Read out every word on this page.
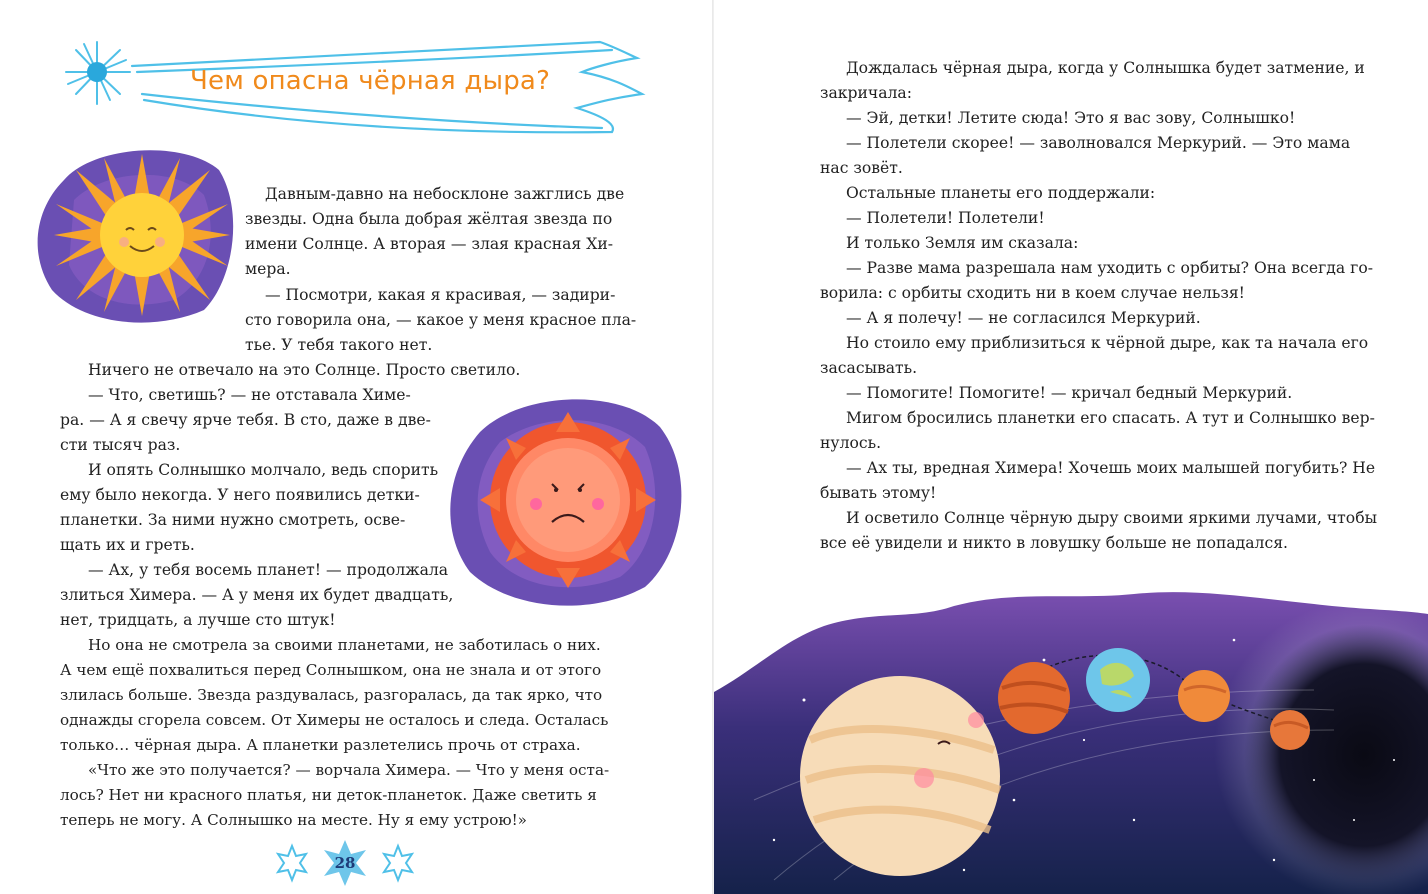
Чем опасна чёрная дыра?
Давным-давно на небосклоне зажглись две
звезды. Одна была добрая жёлтая звезда по
имени Солнце. А вторая — злая красная Хи-
мера.
— Посмотри, какая я красивая, — задири-
сто говорила она, — какое у меня красное пла-
тье. У тебя такого нет.
Ничего не отвечало на это Солнце. Просто светило.
— Что, светишь? — не отставала Химе-
ра. — А я свечу ярче тебя. В сто, даже в две-
сти тысяч раз.
И опять Солнышко молчало, ведь спорить
ему было некогда. У него появились детки-
планетки. За ними нужно смотреть, осве-
щать их и греть.
— Ах, у тебя восемь планет! — продолжала
злиться Химера. — А у меня их будет двадцать,
нет, тридцать, а лучше сто штук!
Но она не смотрела за своими планетами, не заботилась о них.
А чем ещё похвалиться перед Солнышком, она не знала и от этого
злилась больше. Звезда раздувалась, разгоралась, да так ярко, что
однажды сгорела совсем. От Химеры не осталось и следа. Осталась
только… чёрная дыра. А планетки разлетелись прочь от страха.
«Что же это получается? — ворчала Химера. — Что у меня оста-
лось? Нет ни красного платья, ни деток-планеток. Даже светить я
теперь не могу. А Солнышко на месте. Ну я ему устрою!»
28
Дождалась чёрная дыра, когда у Солнышка будет затмение, и
закричала:
— Эй, детки! Летите сюда! Это я вас зову, Солнышко!
— Полетели скорее! — заволновался Меркурий. — Это мама
нас зовёт.
Остальные планеты его поддержали:
— Полетели! Полетели!
И только Земля им сказала:
— Разве мама разрешала нам уходить с орбиты? Она всегда го-
ворила: с орбиты сходить ни в коем случае нельзя!
— А я полечу! — не согласился Меркурий.
Но стоило ему приблизиться к чёрной дыре, как та начала его
засасывать.
— Помогите! Помогите! — кричал бедный Меркурий.
Мигом бросились планетки его спасать. А тут и Солнышко вер-
нулось.
— Ах ты, вредная Химера! Хочешь моих малышей погубить? Не
бывать этому!
И осветило Солнце чёрную дыру своими яркими лучами, чтобы
все её увидели и никто в ловушку больше не попадался.
